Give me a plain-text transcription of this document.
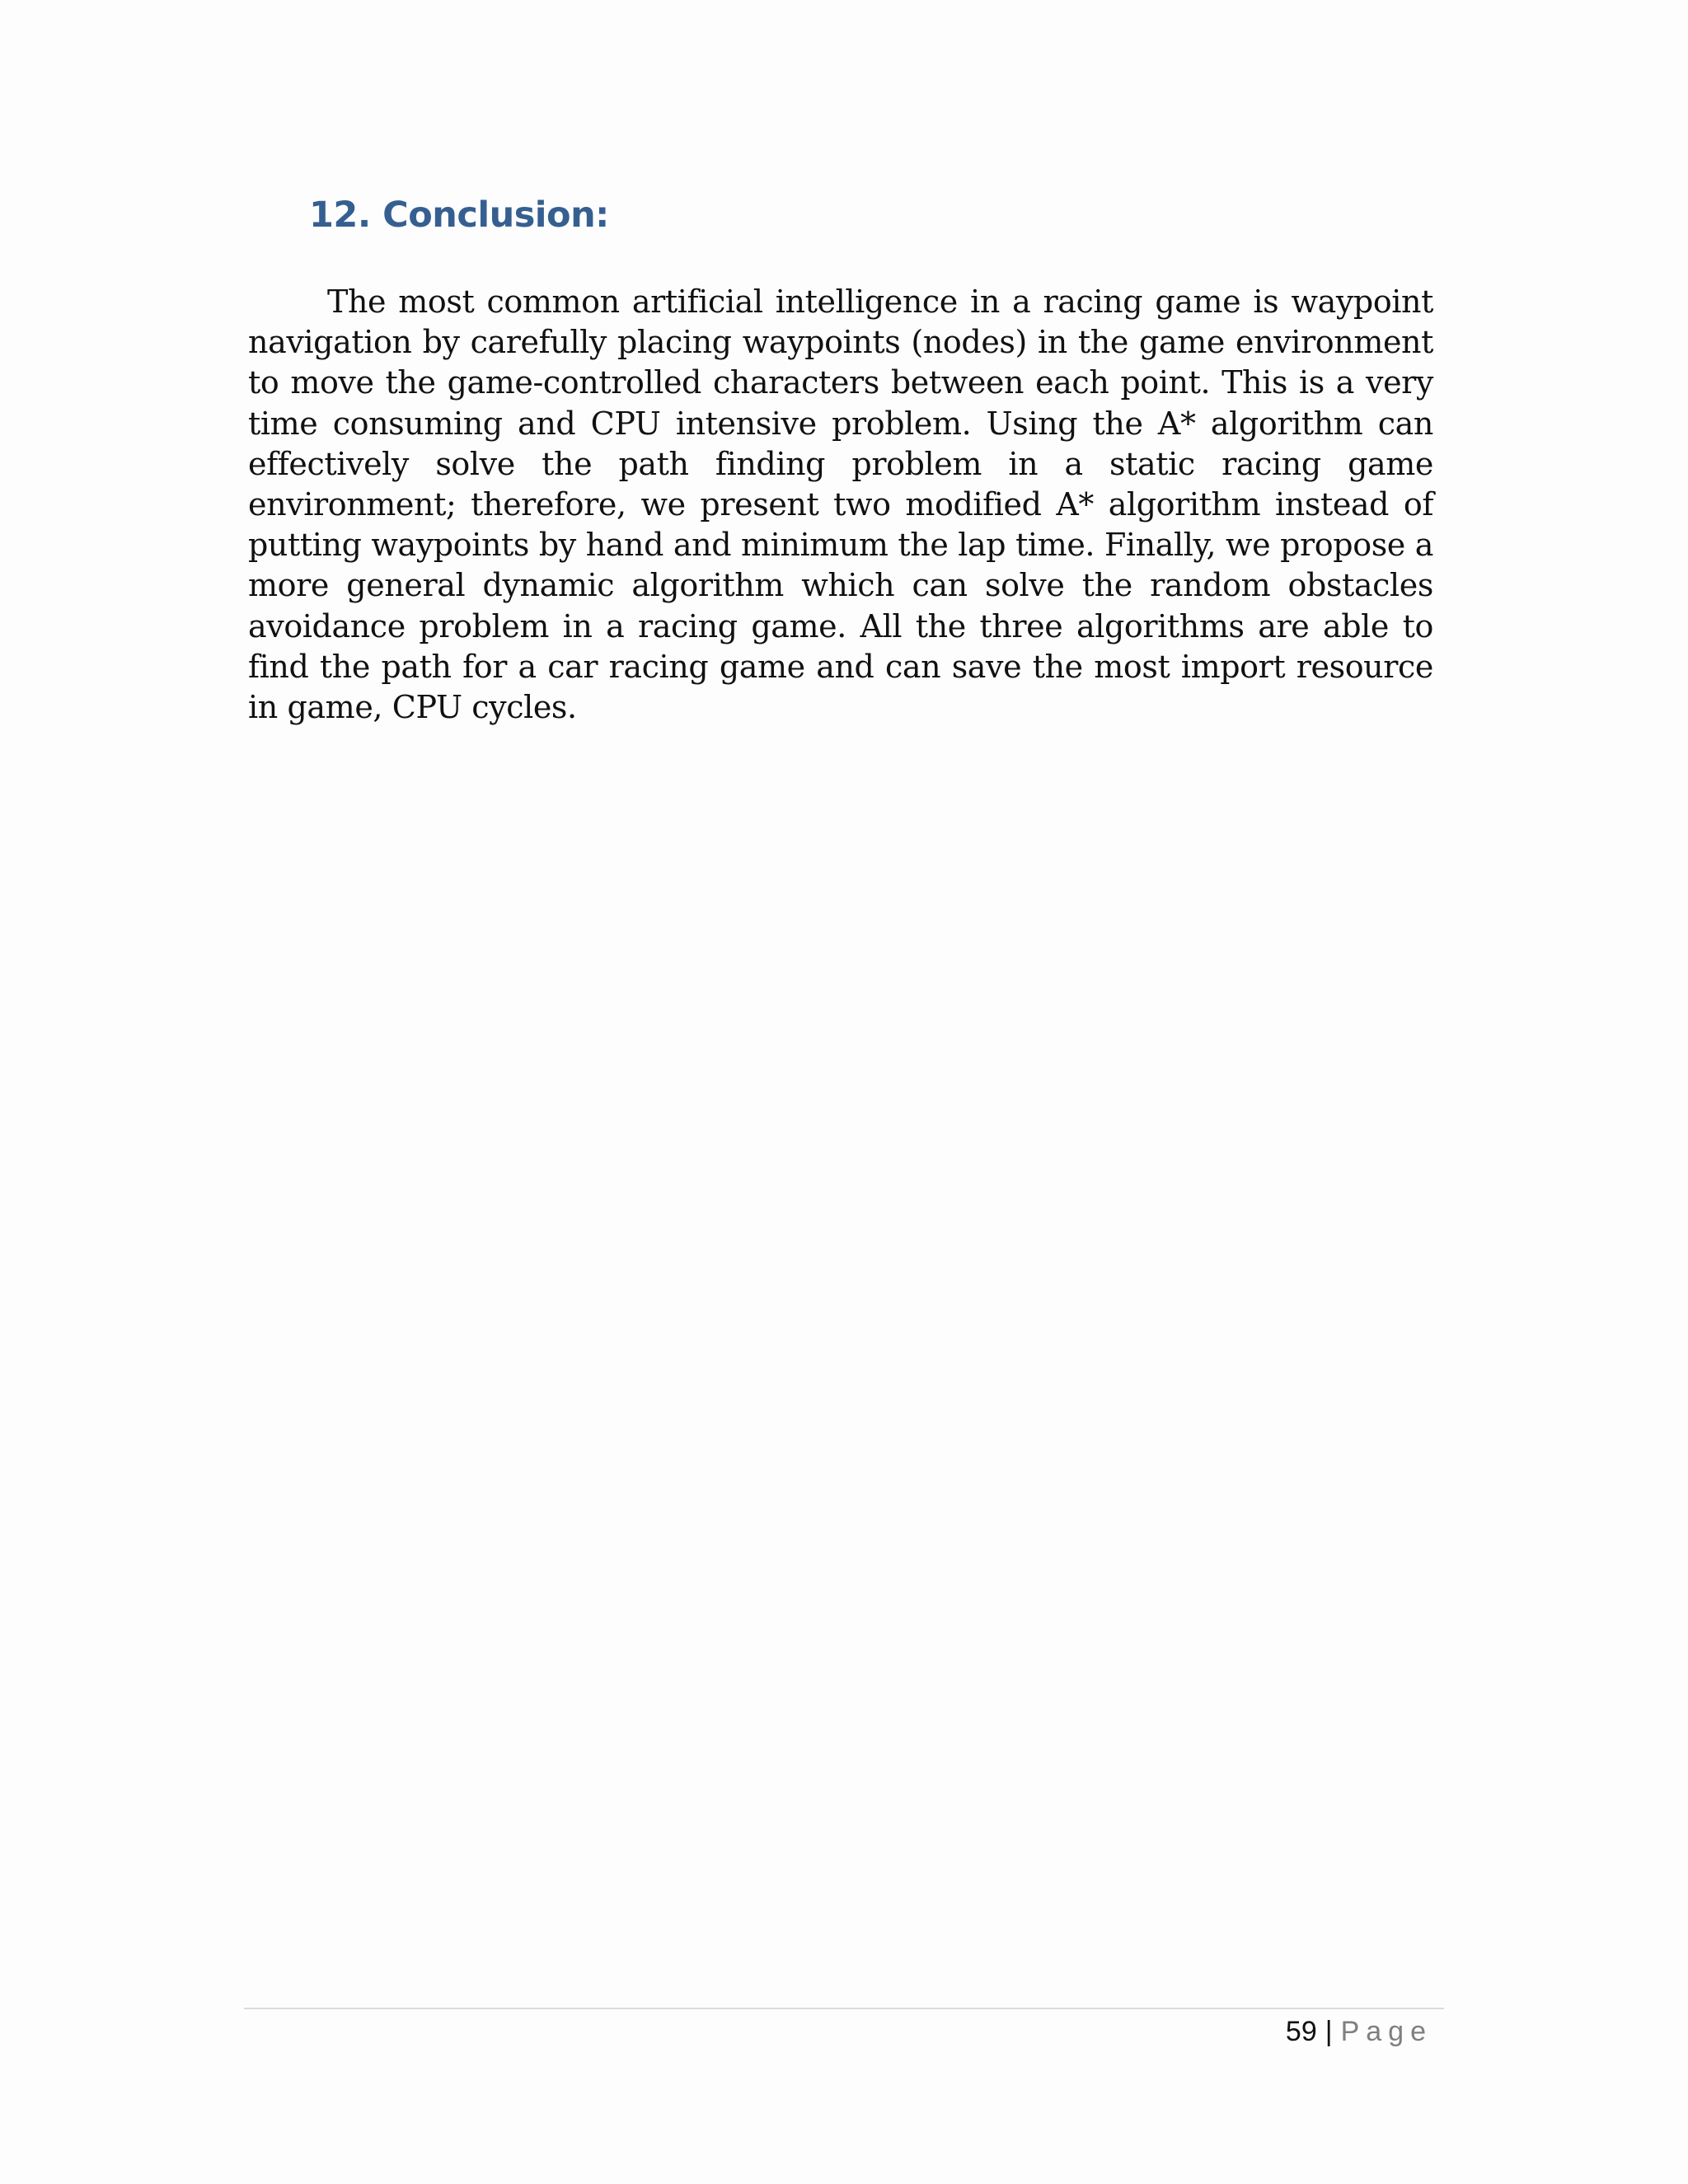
12. Conclusion:

The most common artificial intelligence in a racing game is waypoint navigation by carefully placing waypoints (nodes) in the game environment to move the game-controlled characters between each point. This is a very time consuming and CPU intensive problem. Using the A* algorithm can effectively solve the path finding problem in a static racing game environment; therefore, we present two modified A* algorithm instead of putting waypoints by hand and minimum the lap time. Finally, we propose a more general dynamic algorithm which can solve the random obstacles avoidance problem in a racing game. All the three algorithms are able to find the path for a car racing game and can save the most import resource in game, CPU cycles.

59 | Page
